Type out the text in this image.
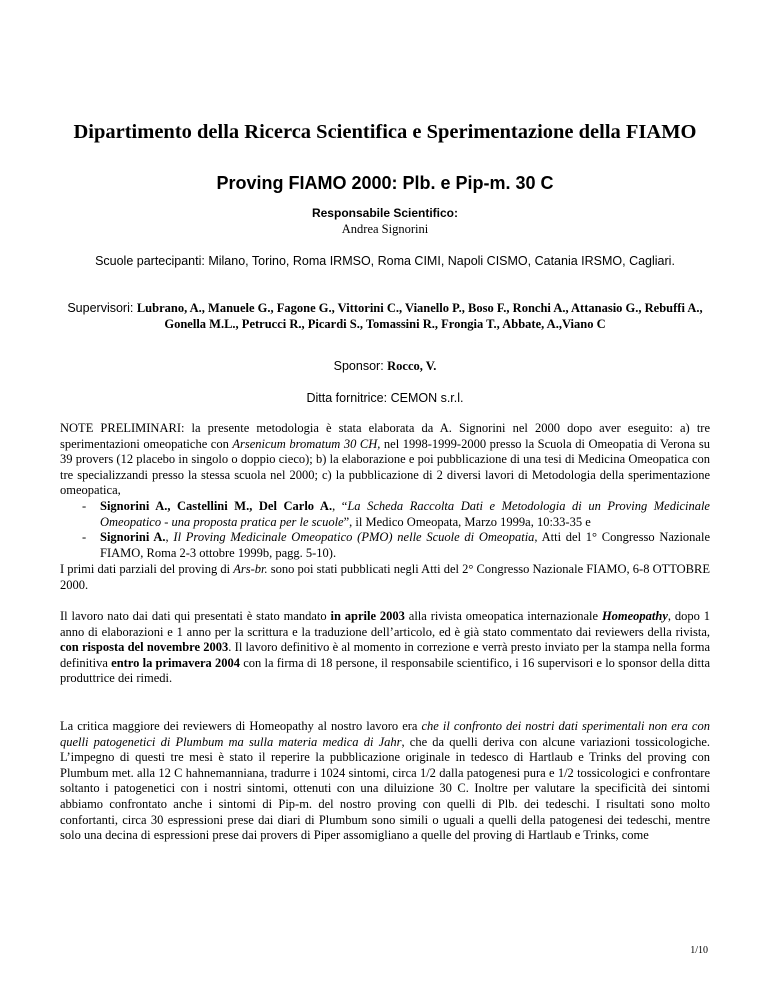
Dipartimento della Ricerca Scientifica e Sperimentazione della FIAMO
Proving FIAMO 2000: Plb. e Pip-m. 30 C
Responsabile Scientifico:
Andrea Signorini
Scuole partecipanti: Milano, Torino, Roma IRMSO, Roma CIMI, Napoli CISMO, Catania IRSMO, Cagliari.
Supervisori: Lubrano, A., Manuele G., Fagone G., Vittorini C., Vianello P., Boso F., Ronchi A., Attanasio G., Rebuffi A., Gonella M.L., Petrucci R., Picardi S., Tomassini R., Frongia T., Abbate, A.,Viano C
Sponsor: Rocco, V.
Ditta fornitrice: CEMON s.r.l.
NOTE PRELIMINARI: la presente metodologia è stata elaborata da A. Signorini nel 2000 dopo aver eseguito: a) tre sperimentazioni omeopatiche con Arsenicum bromatum 30 CH, nel 1998-1999-2000 presso la Scuola di Omeopatia di Verona su 39 provers (12 placebo in singolo o doppio cieco); b) la elaborazione e poi pubblicazione di una tesi di Medicina Omeopatica con tre specializzandi presso la stessa scuola nel 2000; c) la pubblicazione di 2 diversi lavori di Metodologia della sperimentazione omeopatica,
- Signorini A., Castellini M., Del Carlo A., “La Scheda Raccolta Dati e Metodologia di un Proving Medicinale Omeopatico - una proposta pratica per le scuole”, il Medico Omeopata, Marzo 1999a, 10:33-35 e
- Signorini A., Il Proving Medicinale Omeopatico (PMO) nelle Scuole di Omeopatia, Atti del 1° Congresso Nazionale FIAMO, Roma 2-3 ottobre 1999b, pagg. 5-10).
I primi dati parziali del proving di Ars-br. sono poi stati pubblicati negli Atti del 2° Congresso Nazionale FIAMO, 6-8 OTTOBRE 2000.
Il lavoro nato dai dati qui presentati è stato mandato in aprile 2003 alla rivista omeopatica internazionale Homeopathy, dopo 1 anno di elaborazioni e 1 anno per la scrittura e la traduzione dell’articolo, ed è già stato commentato dai reviewers della rivista, con risposta del novembre 2003. Il lavoro definitivo è al momento in correzione e verrà presto inviato per la stampa nella forma definitiva entro la primavera 2004 con la firma di 18 persone, il responsabile scientifico, i 16 supervisori e lo sponsor della ditta produttrice dei rimedi.
La critica maggiore dei reviewers di Homeopathy al nostro lavoro era che il confronto dei nostri dati sperimentali non era con quelli patogenetici di Plumbum ma sulla materia medica di Jahr, che da quelli deriva con alcune variazioni tossicologiche. L’impegno di questi tre mesi è stato il reperire la pubblicazione originale in tedesco di Hartlaub e Trinks del proving con Plumbum met. alla 12 C hahnemanniana, tradurre i 1024 sintomi, circa 1/2 dalla patogenesi pura e 1/2 tossicologici e confrontare soltanto i patogenetici con i nostri sintomi, ottenuti con una diluizione 30 C. Inoltre per valutare la specificità dei sintomi abbiamo confrontato anche i sintomi di Pip-m. del nostro proving con quelli di Plb. dei tedeschi. I risultati sono molto confortanti, circa 30 espressioni prese dai diari di Plumbum sono simili o uguali a quelli della patogenesi dei tedeschi, mentre solo una decina di espressioni prese dai provers di Piper assomigliano a quelle del proving di Hartlaub e Trinks, come
1/10
